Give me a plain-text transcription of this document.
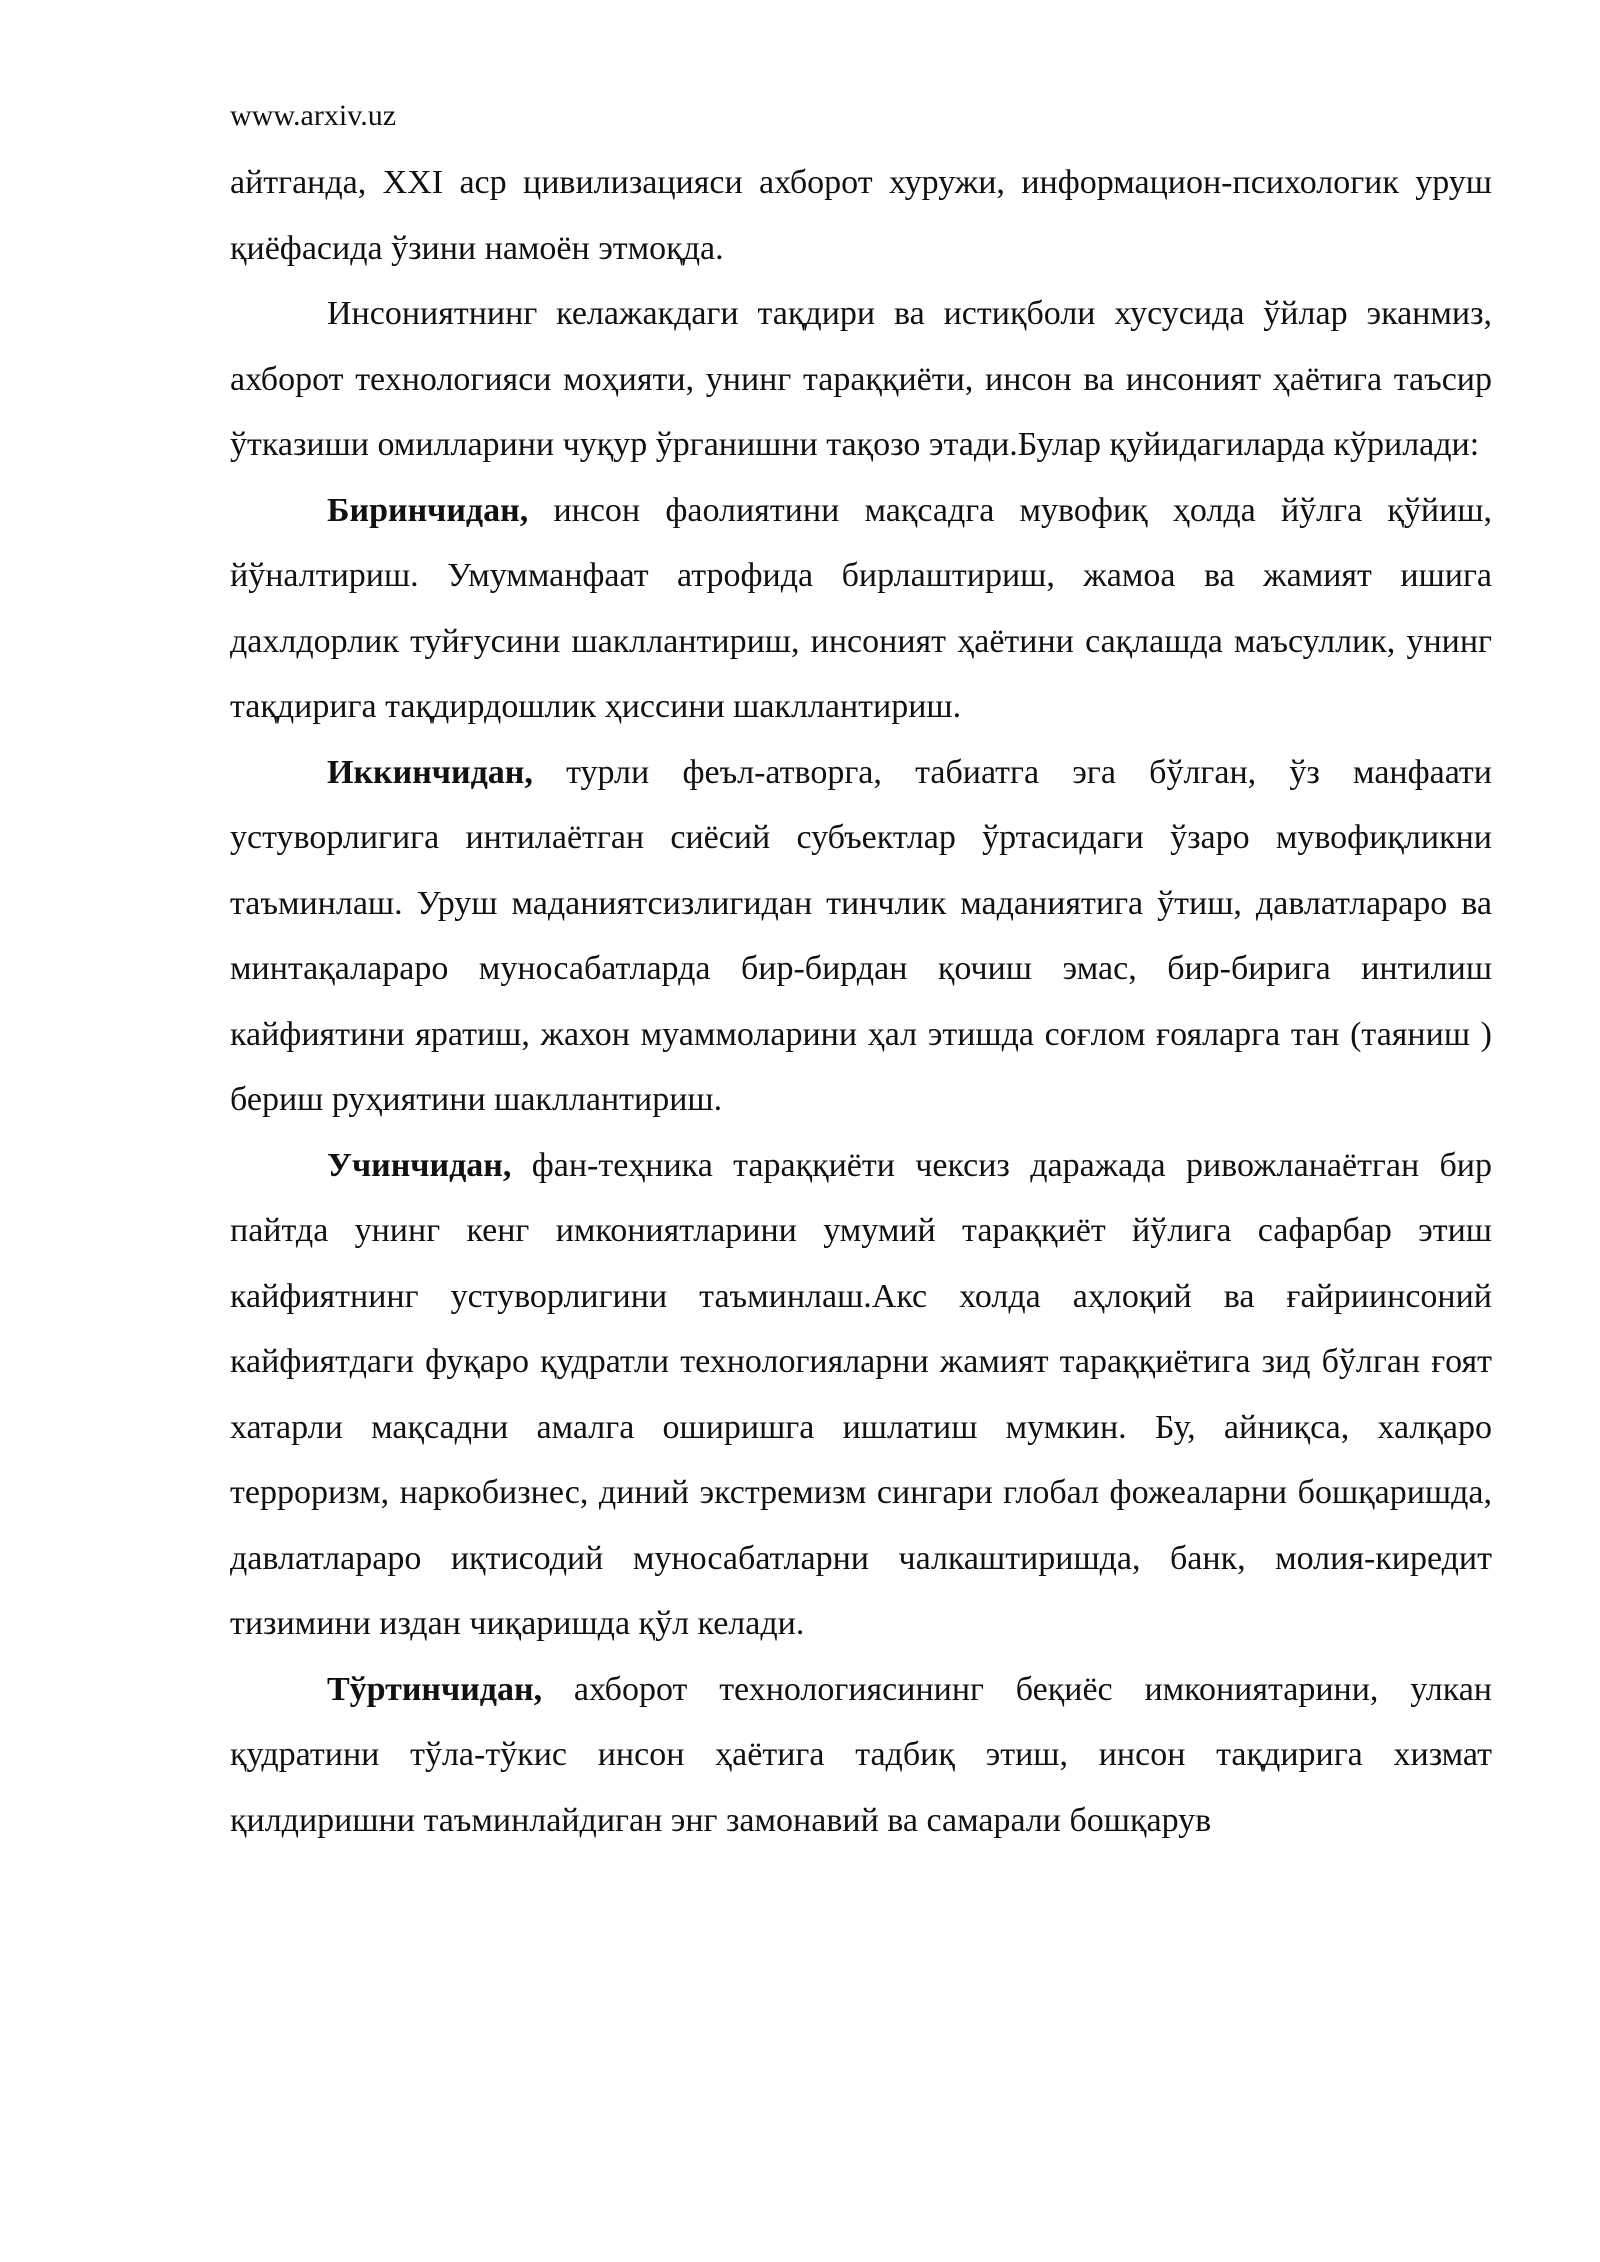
www.arxiv.uz

айтганда, XXI аср цивилизацияси ахборот хуружи, информацион-психологик уруш қиёфасида ўзини намоён этмоқда.

Инсониятнинг келажакдаги тақдири ва истиқболи хусусида ўйлар эканмиз, ахборот технологияси моҳияти, унинг тараққиёти, инсон ва инсоният ҳаётига таъсир ўтказиши омилларини чуқур ўрганишни тақозо этади.Булар қуйидагиларда кўрилади:

Биринчидан, инсон фаолиятини мақсадга мувофиқ ҳолда йўлга қўйиш, йўналтириш. Умумманфаат атрофида бирлаштириш, жамоа ва жамият ишига дахлдорлик туйғусини шакллантириш, инсоният ҳаётини сақлашда маъсуллик, унинг тақдирига тақдирдошлик ҳиссини шакллантириш.

Иккинчидан, турли феъл-атворга, табиатга эга бўлган, ўз манфаати устуворлигига интилаётган сиёсий субъектлар ўртасидаги ўзаро мувофиқликни таъминлаш. Уруш маданиятсизлигидан тинчлик маданиятига ўтиш, давлатлараро ва минтақалараро муносабатларда бир-бирдан қочиш эмас, бир-бирига интилиш кайфиятини яратиш, жахон муаммоларини ҳал этишда соғлом ғояларга тан (таяниш ) бериш руҳиятини шакллантириш.

Учинчидан, фан-теҳника тараққиёти чексиз даражада ривожланаётган бир пайтда унинг кенг имкониятларини умумий тараққиёт йўлига сафарбар этиш кайфиятнинг устуворлигини таъминлаш.Акс холда аҳлоқий ва ғайриинсоний кайфиятдаги фуқаро қудратли технологияларни жамият тараққиётига зид бўлган ғоят хатарли мақсадни амалга оширишга ишлатиш мумкин. Бу, айниқса, халқаро терроризм, наркобизнес, диний экстремизм сингари глобал фожеаларни бошқаришда, давлатлараро иқтисодий муносабатларни чалкаштиришда, банк, молия-киредит тизимини издан чиқаришда қўл келади.

Тўртинчидан, ахборот технологиясининг беқиёс имкониятарини, улкан қудратини тўла-тўкис инсон ҳаётига тадбиқ этиш, инсон тақдирига хизмат қилдиришни таъминлайдиган энг замонавий ва самарали бошқарув
